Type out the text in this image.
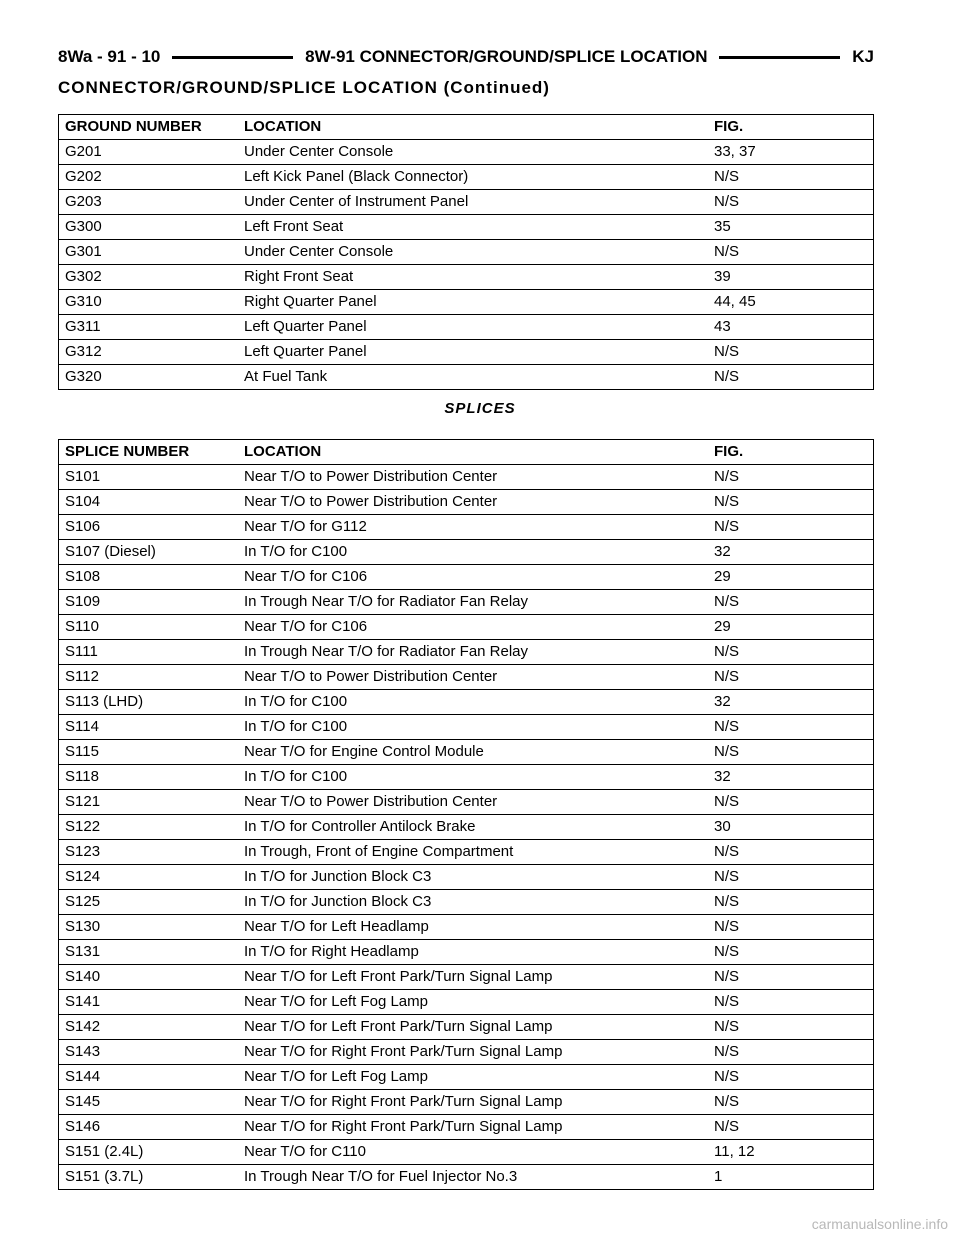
8Wa - 91 - 10	8W-91 CONNECTOR/GROUND/SPLICE LOCATION	KJ
CONNECTOR/GROUND/SPLICE LOCATION (Continued)
GROUND NUMBER	LOCATION	FIG.
G201	Under Center Console	33, 37
G202	Left Kick Panel (Black Connector)	N/S
G203	Under Center of Instrument Panel	N/S
G300	Left Front Seat	35
G301	Under Center Console	N/S
G302	Right Front Seat	39
G310	Right Quarter Panel	44, 45
G311	Left Quarter Panel	43
G312	Left Quarter Panel	N/S
G320	At Fuel Tank	N/S
SPLICES
SPLICE NUMBER	LOCATION	FIG.
S101	Near T/O to Power Distribution Center	N/S
S104	Near T/O to Power Distribution Center	N/S
S106	Near T/O for G112	N/S
S107 (Diesel)	In T/O for C100	32
S108	Near T/O for C106	29
S109	In Trough Near T/O for Radiator Fan Relay	N/S
S110	Near T/O for C106	29
S111	In Trough Near T/O for Radiator Fan Relay	N/S
S112	Near T/O to Power Distribution Center	N/S
S113 (LHD)	In T/O for C100	32
S114	In T/O for C100	N/S
S115	Near T/O for Engine Control Module	N/S
S118	In T/O for C100	32
S121	Near T/O to Power Distribution Center	N/S
S122	In T/O for Controller Antilock Brake	30
S123	In Trough, Front of Engine Compartment	N/S
S124	In T/O for Junction Block C3	N/S
S125	In T/O for Junction Block C3	N/S
S130	Near T/O for Left Headlamp	N/S
S131	In T/O for Right Headlamp	N/S
S140	Near T/O for Left Front Park/Turn Signal Lamp	N/S
S141	Near T/O for Left Fog Lamp	N/S
S142	Near T/O for Left Front Park/Turn Signal Lamp	N/S
S143	Near T/O for Right Front Park/Turn Signal Lamp	N/S
S144	Near T/O for Left Fog Lamp	N/S
S145	Near T/O for Right Front Park/Turn Signal Lamp	N/S
S146	Near T/O for Right Front Park/Turn Signal Lamp	N/S
S151 (2.4L)	Near T/O for C110	11, 12
S151 (3.7L)	In Trough Near T/O for Fuel Injector No.3	1
carmanualsonline.info
